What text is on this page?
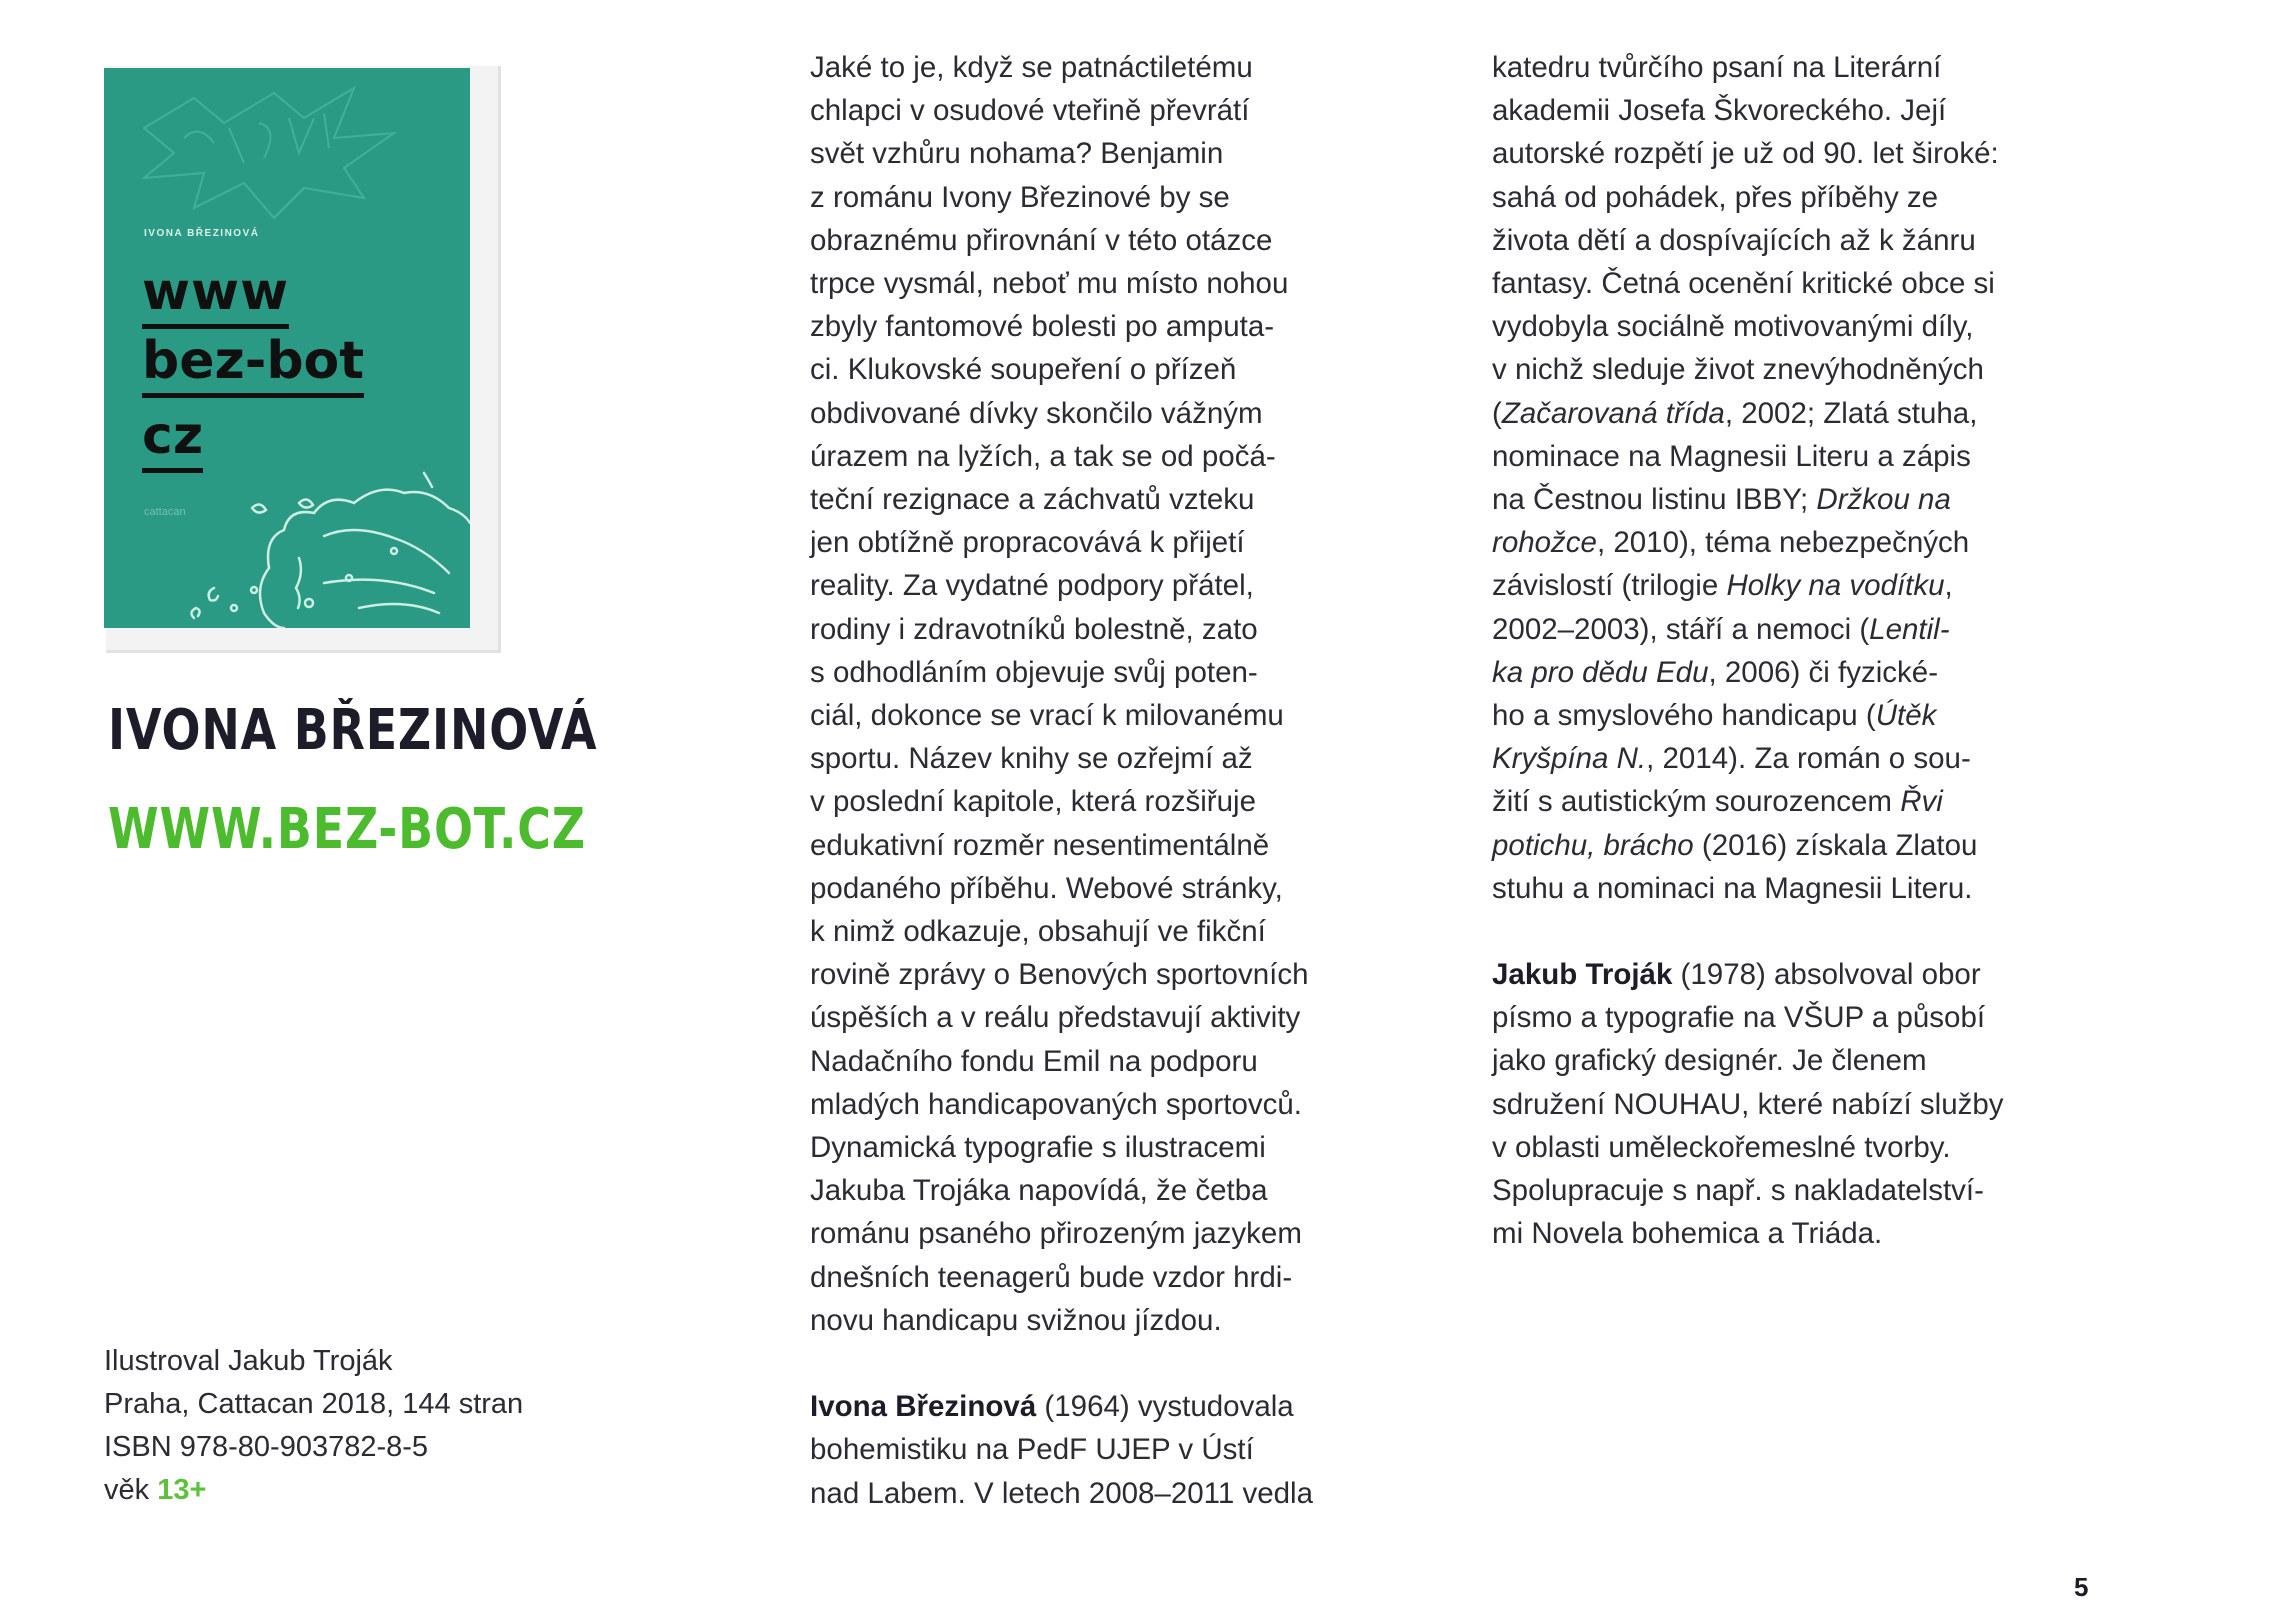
IVONA BŘEZINOVÁ
www
bez-bot
cz
cattacan
IVONA BŘEZINOVÁ
WWW.BEZ-BOT.CZ
Ilustroval Jakub Troják
Praha, Cattacan 2018, 144 stran
ISBN 978-80-903782-8-5
věk 13+

Jaké to je, když se patnáctiletému

chlapci v osudové vteřině převrátí

svět vzhůru nohama? Benjamin

z románu Ivony Březinové by se

obraznému přirovnání v této otázce

trpce vysmál, neboť mu místo nohou

zbyly fantomové bolesti po amputa-

ci. Klukovské soupeření o přízeň

obdivované dívky skončilo vážným

úrazem na lyžích, a tak se od počá-

teční rezignace a záchvatů vzteku

jen obtížně propracovává k přijetí

reality. Za vydatné podpory přátel,

rodiny i zdravotníků bolestně, zato

s odhodláním objevuje svůj poten-

ciál, dokonce se vrací k milovanému

sportu. Název knihy se ozřejmí až

v poslední kapitole, která rozšiřuje

edukativní rozměr nesentimentálně

podaného příběhu. Webové stránky,

k nimž odkazuje, obsahují ve fikční

rovině zprávy o Benových sportovních

úspěších a v reálu představují aktivity

Nadačního fondu Emil na podporu

mladých handicapovaných sportovců.

Dynamická typografie s ilustracemi

Jakuba Trojáka napovídá, že četba

románu psaného přirozeným jazykem

dnešních teenagerů bude vzdor hrdi-

novu handicapu svižnou jízdou.

Ivona Březinová (1964) vystudovala

bohemistiku na PedF UJEP v Ústí

nad Labem. V letech 2008–2011 vedla

katedru tvůrčího psaní na Literární

akademii Josefa Škvoreckého. Její

autorské rozpětí je už od 90. let široké:

sahá od pohádek, přes příběhy ze

života dětí a dospívajících až k žánru

fantasy. Četná ocenění kritické obce si

vydobyla sociálně motivovanými díly,

v nichž sleduje život znevýhodněných

(Začarovaná třída, 2002; Zlatá stuha,

nominace na Magnesii Literu a zápis

na Čestnou listinu IBBY; Držkou na

rohožce, 2010), téma nebezpečných

závislostí (trilogie Holky na vodítku,

2002–2003), stáří a nemoci (Lentil-

ka pro dědu Edu, 2006) či fyzické-

ho a smyslového handicapu (Útěk

Kryšpína N., 2014). Za román o sou-

žití s autistickým sourozencem Řvi

potichu, brácho (2016) získala Zlatou

stuhu a nominaci na Magnesii Literu.

Jakub Troják (1978) absolvoval obor

písmo a typografie na VŠUP a působí

jako grafický designér. Je členem

sdružení NOUHAU, které nabízí služby

v oblasti uměleckořemeslné tvorby.

Spolupracuje s např. s nakladatelství-

mi Novela bohemica a Triáda.

5
